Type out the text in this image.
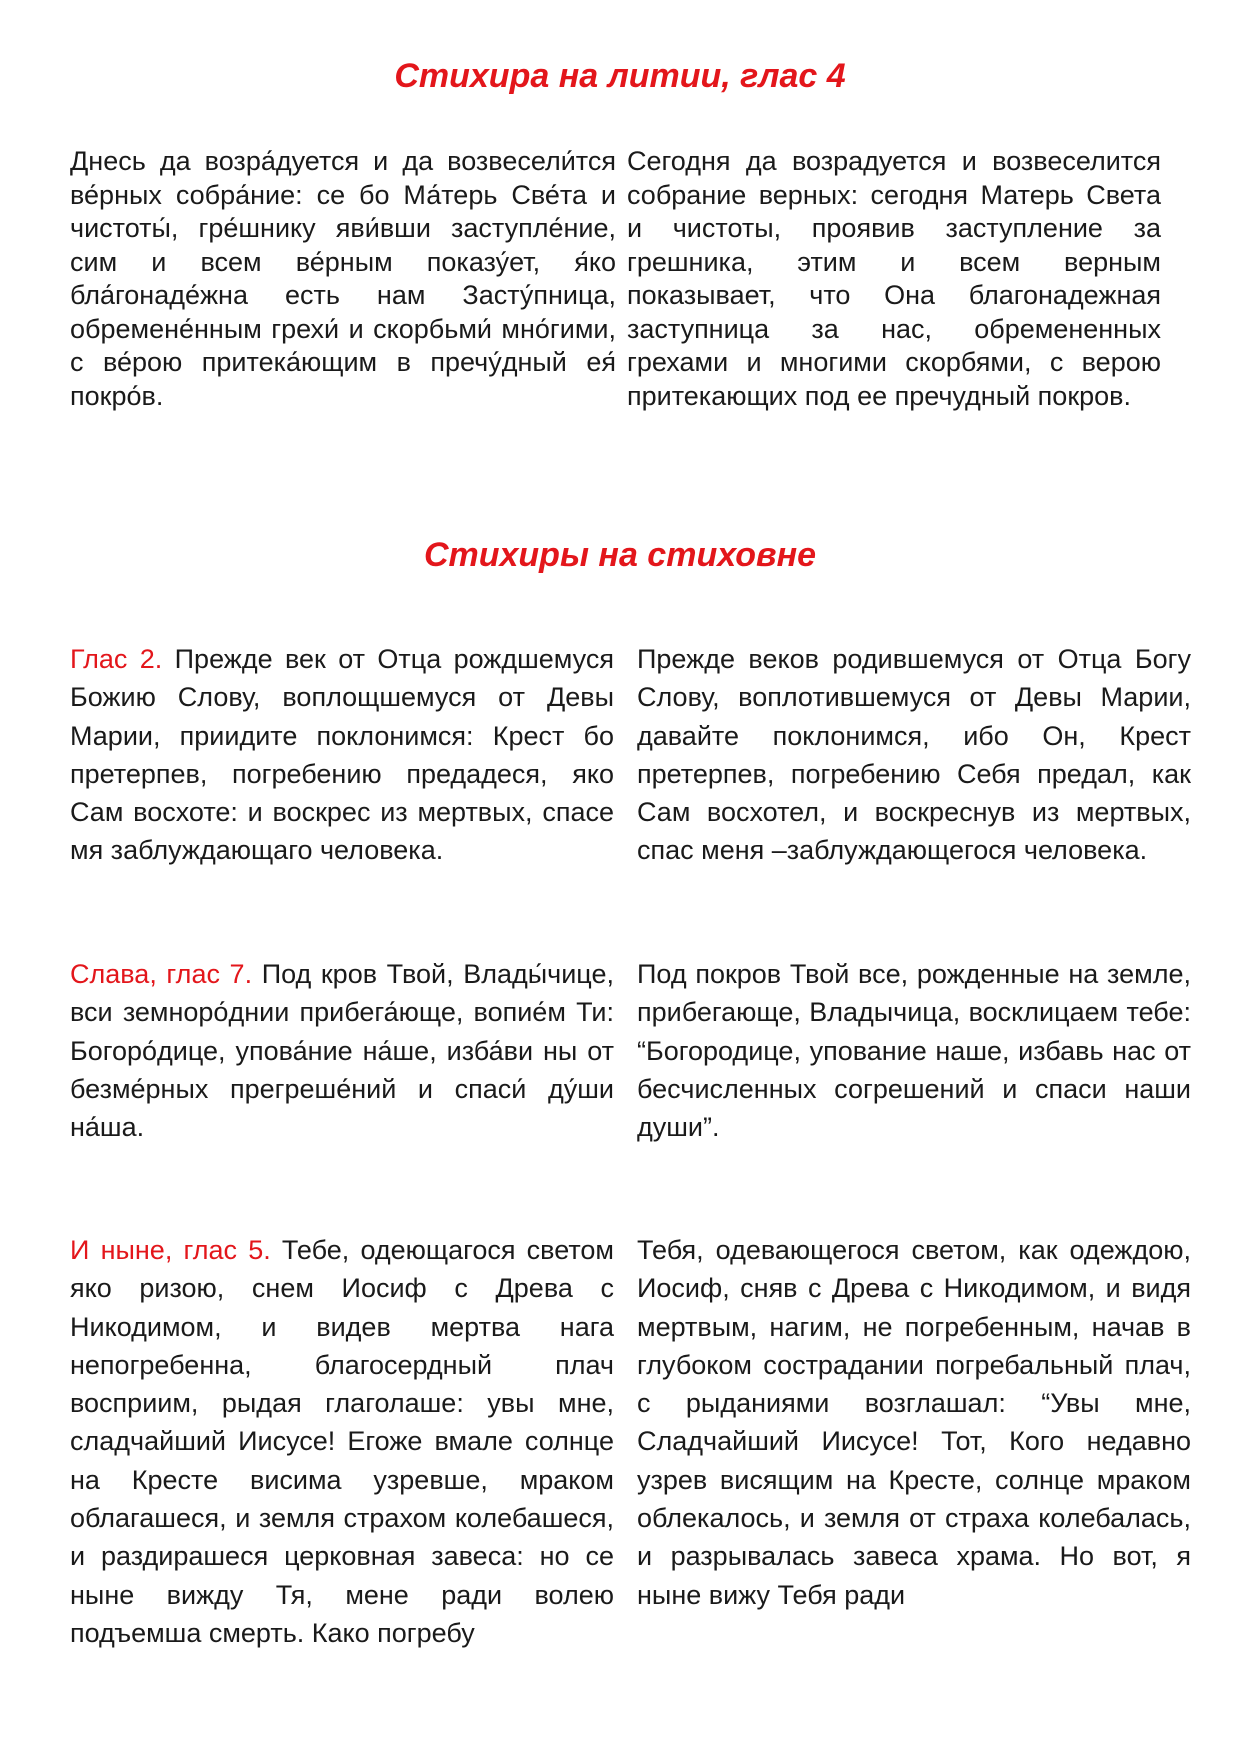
Стихира на литии, глас 4

Днесь да возра́дуется и да возвесели́тся ве́рных собра́ние: се бо Ма́терь Све́та и чистоты́, гре́шнику яви́вши заступле́ние, сим и всем ве́рным показу́ет, я́ко бла́гонаде́жна есть нам Засту́пница, обремене́нным грехи́ и скорбьми́ мно́гими, с ве́рою притека́ющим в пречу́дный ея́ покро́в.

Сегодня да возрадуется и возвеселится собрание верных: сегодня Матерь Света и чистоты, проявив заступление за грешника, этим и всем верным показывает, что Она благонадежная заступница за нас, обремененных грехами и многими скорбями, с верою притекающих под ее пречудный покров.

Стихиры на стиховне

Глас 2. Прежде век от Отца рождшемуся Божию Слову, воплощшемуся от Девы Марии, приидите поклонимся: Крест бо претерпев, погребению предадеся, яко Сам восхоте: и воскрес из мертвых, спасе мя заблуждающаго человека.

Прежде веков родившемуся от Отца Богу Слову, воплотившемуся от Девы Марии, давайте поклонимся, ибо Он, Крест претерпев, погребению Себя предал, как Сам восхотел, и воскреснув из мертвых, спас меня –заблуждающегося человека.

Слава, глас 7. Под кров Твой, Влады́чице, вси земноро́днии прибега́юще, вопие́м Ти: Богоро́дице, упова́ние на́ше, изба́ви ны от безме́рных прегреше́ний и спаси́ ду́ши на́ша.

Под покров Твой все, рожденные на земле, прибегающе, Владычица, восклицаем тебе: “Богородице, упование наше, избавь нас от бесчисленных согрешений и спаси наши души”.

И ныне, глас 5. Тебе, одеющагося светом яко ризою, снем Иосиф с Древа с Никодимом, и видев мертва нага непогребенна, благосердный плач восприим, рыдая глаголаше: увы мне, сладчайший Иисусе! Егоже вмале солнце на Кресте висима узревше, мраком облагашеся, и земля страхом колебашеся, и раздирашеся церковная завеса: но се ныне вижду Тя, мене ради волею подъемша смерть. Како погребу

Тебя, одевающегося светом, как одеждою, Иосиф, сняв с Древа с Никодимом, и видя мертвым, нагим, не погребенным, начав в глубоком сострадании погребальный плач, с рыданиями возглашал: “Увы мне, Сладчайший Иисусе! Тот, Кого недавно узрев висящим на Кресте, солнце мраком облекалось, и земля от страха колебалась, и разрывалась завеса храма. Но вот, я ныне вижу Тебя ради
